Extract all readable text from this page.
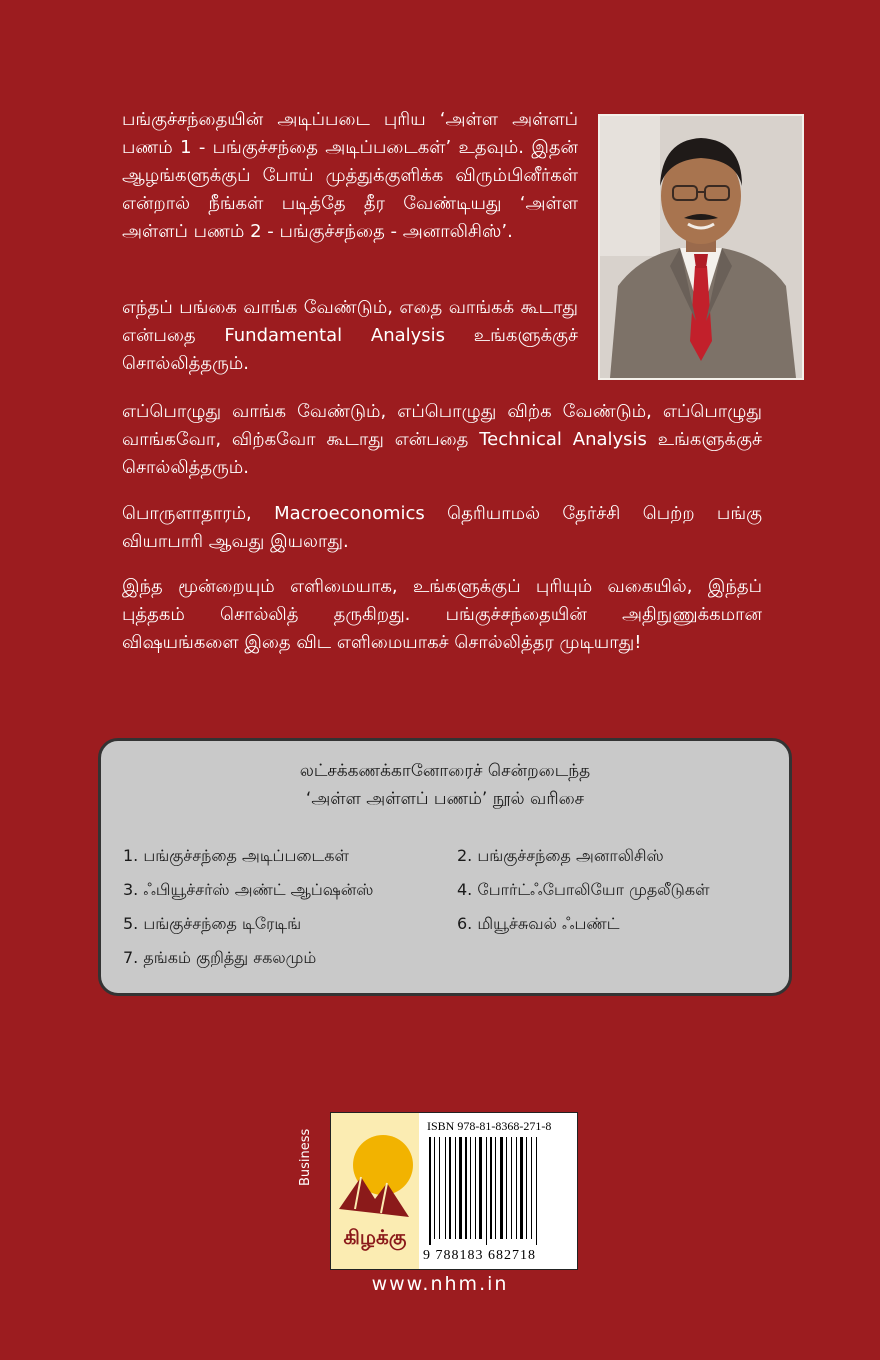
பங்குச்சந்தையின் அடிப்படை புரிய ‘அள்ள அள்ளப் பணம் 1 - பங்குச்சந்தை அடிப்படைகள்’ உதவும். இதன் ஆழங்களுக்குப் போய் முத்துக்குளிக்க விரும்பினீர்கள் என்றால் நீங்கள் படித்தே தீர வேண்டியது ‘அள்ள அள்ளப் பணம் 2 - பங்குச்சந்தை - அனாலிசிஸ்’.

எந்தப் பங்கை வாங்க வேண்டும், எதை வாங்கக் கூடாது என்பதை Fundamental Analysis உங்களுக்குச் சொல்லித்தரும்.

எப்பொழுது வாங்க வேண்டும், எப்பொழுது விற்க வேண்டும், எப்பொழுது வாங்கவோ, விற்கவோ கூடாது என்பதை Technical Analysis உங்களுக்குச் சொல்லித்தரும்.

பொருளாதாரம், Macroeconomics தெரியாமல் தேர்ச்சி பெற்ற பங்கு வியாபாரி ஆவது இயலாது.

இந்த மூன்றையும் எளிமையாக, உங்களுக்குப் புரியும் வகையில், இந்தப் புத்தகம் சொல்லித் தருகிறது. பங்குச்சந்தையின் அதிநுணுக்கமான விஷயங்களை இதை விட எளிமையாகச் சொல்லித்தர முடியாது!

லட்சக்கணக்கானோரைச் சென்றடைந்த
‘அள்ள அள்ளப் பணம்’ நூல் வரிசை
1. பங்குச்சந்தை அடிப்படைகள்	2. பங்குச்சந்தை அனாலிசிஸ்
3. ஃபியூச்சர்ஸ் அண்ட் ஆப்ஷன்ஸ்	4. போர்ட்ஃபோலியோ முதலீடுகள்
5. பங்குச்சந்தை டிரேடிங்	6. மியூச்சுவல் ஃபண்ட்
7. தங்கம் குறித்து சகலமும்
Business
கிழக்கு
ISBN 978-81-8368-271-8
9 788183 682718
www.nhm.in
